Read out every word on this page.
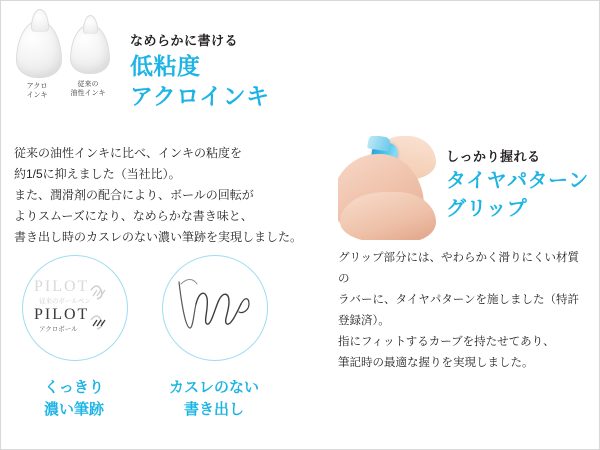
アクロ
インキ
従来の
油性インキ
なめらかに書ける
低粘度
アクロインキ
従来の油性インキに比べ、インキの粘度を
約1/5に抑えました（当社比）。
また、潤滑剤の配合により、ボールの回転が
よりスムーズになり、なめらかな書き味と、
書き出し時のカスレのない濃い筆跡を実現しました。
しっかり握れる
タイヤパターン
グリップ
グリップ部分には、やわらかく滑りにくい材質の
ラバーに、タイヤパターンを施しました（特許登録済）。
指にフィットするカーブを持たせてあり、
筆記時の最適な握りを実現しました。
PILOT
従来のボールペン
PILOT
アクロボール
くっきり
濃い筆跡
カスレのない
書き出し
